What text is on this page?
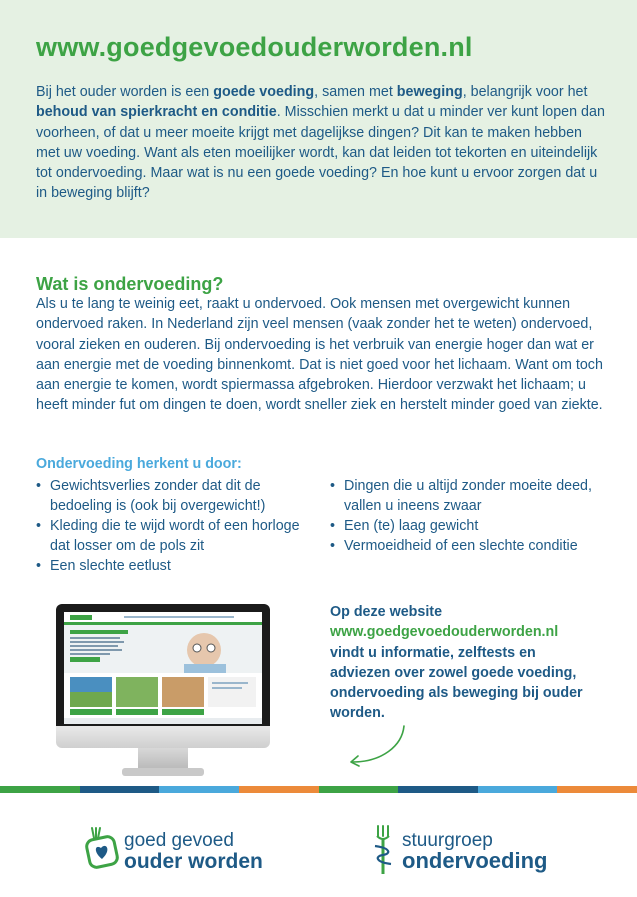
www.goedgevoedouderworden.nl

Bij het ouder worden is een goede voeding, samen met beweging, belangrijk voor het behoud van spierkracht en conditie. Misschien merkt u dat u minder ver kunt lopen dan voorheen, of dat u meer moeite krijgt met dagelijkse dingen? Dit kan te maken hebben met uw voeding. Want als eten moeilijker wordt, kan dat leiden tot tekorten en uiteindelijk tot ondervoeding. Maar wat is nu een goede voeding? En hoe kunt u ervoor zorgen dat u in beweging blijft?

Wat is ondervoeding?

Als u te lang te weinig eet, raakt u ondervoed. Ook mensen met overgewicht kunnen ondervoed raken. In Nederland zijn veel mensen (vaak zonder het te weten) ondervoed, vooral zieken en ouderen. Bij ondervoeding is het verbruik van energie hoger dan wat er aan energie met de voeding binnenkomt. Dat is niet goed voor het lichaam. Want om toch aan energie te komen, wordt spiermassa afgebroken. Hierdoor verzwakt het lichaam; u heeft minder fut om dingen te doen, wordt sneller ziek en herstelt minder goed van ziekte.

Ondervoeding herkent u door:
• Gewichtsverlies zonder dat dit de bedoeling is (ook bij overgewicht!)
• Kleding die te wijd wordt of een horloge dat losser om de pols zit
• Een slechte eetlust
• Dingen die u altijd zonder moeite deed, vallen u ineens zwaar
• Een (te) laag gewicht
• Vermoeidheid of een slechte conditie

Op deze website
www.goedgevoedouderworden.nl
vindt u informatie, zelftests en adviezen over zowel goede voeding, ondervoeding als beweging bij ouder worden.

goed gevoed
ouder worden
stuurgroep
ondervoeding
